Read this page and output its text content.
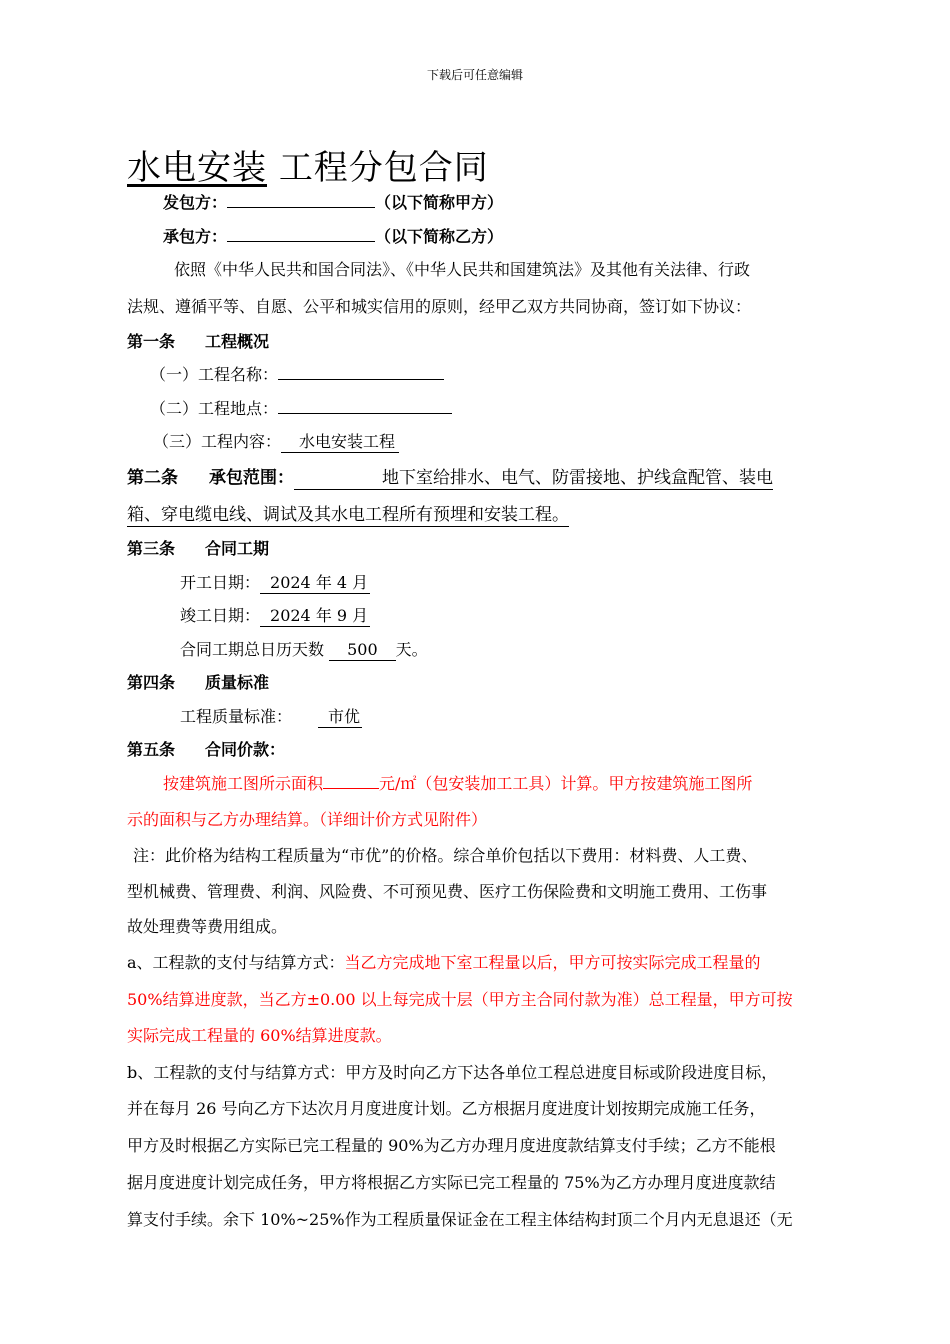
下载后可任意编辑
水电安装 工程分包合同
发包方：	（以下简称甲方）
承包方：	（以下简称乙方）
依照《中华人民共和国合同法》、《中华人民共和国建筑法》及其他有关法律、行政
法规、遵循平等、自愿、公平和城实信用的原则，经甲乙双方共同协商，签订如下协议：
第一条 工程概况
（一）工程名称：
（二）工程地点：
（三）工程内容： 水电安装工程
第二条 承包范围：	地下室给排水、电气、防雷接地、护线盒配管、装电
箱、穿电缆电线、调试及其水电工程所有预埋和安装工程。
第三条 合同工期
开工日期： 2024 年 4 月
竣工日期： 2024 年 9 月
合同工期总日历天数 500 天。
第四条 质量标准
工程质量标准： 市优
第五条 合同价款：
按建筑施工图所示面积	元/㎡（包安装加工工具）计算。甲方按建筑施工图所
示的面积与乙方办理结算。（详细计价方式见附件）
注：此价格为结构工程质量为“市优”的价格。综合单价包括以下费用：材料费、人工费、
型机械费、管理费、利润、风险费、不可预见费、医疗工伤保险费和文明施工费用、工伤事
故处理费等费用组成。
a、工程款的支付与结算方式：当乙方完成地下室工程量以后，甲方可按实际完成工程量的
50%结算进度款，当乙方±0.00 以上每完成十层（甲方主合同付款为准）总工程量，甲方可按
实际完成工程量的 60%结算进度款。
b、工程款的支付与结算方式：甲方及时向乙方下达各单位工程总进度目标或阶段进度目标，
并在每月 26 号向乙方下达次月月度进度计划。乙方根据月度进度计划按期完成施工任务，
甲方及时根据乙方实际已完工程量的 90%为乙方办理月度进度款结算支付手续；乙方不能根
据月度进度计划完成任务，甲方将根据乙方实际已完工程量的 75%为乙方办理月度进度款结
算支付手续。余下 10%~25%作为工程质量保证金在工程主体结构封顶二个月内无息退还（无
